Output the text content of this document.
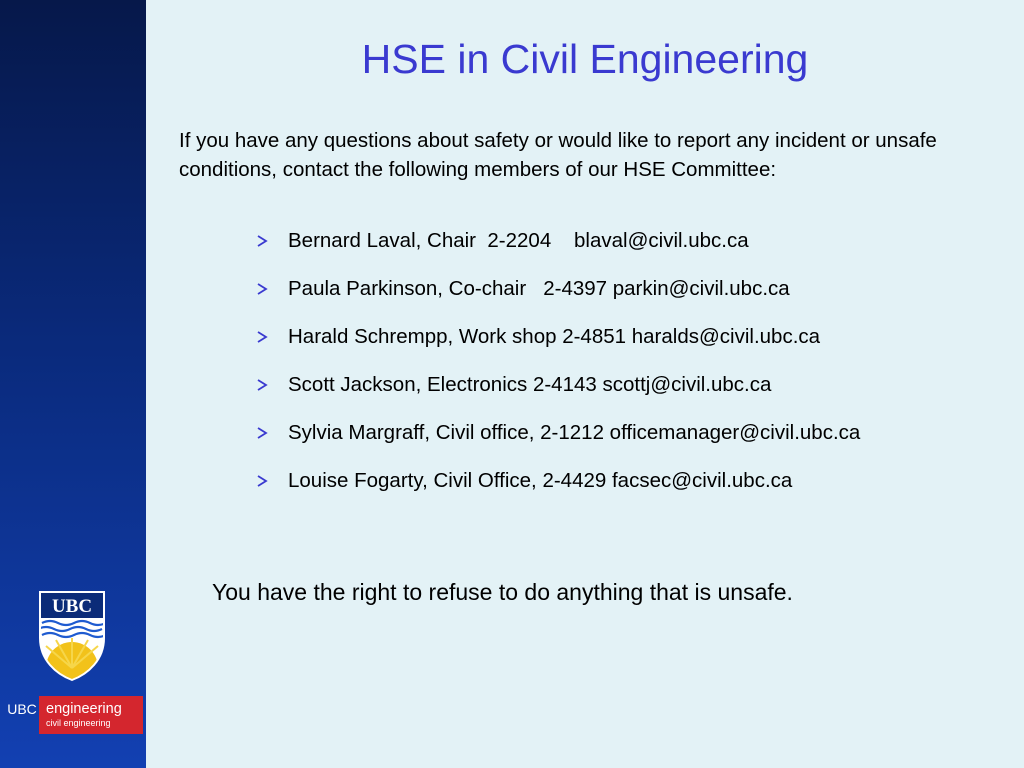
HSE in Civil Engineering
If you have any questions about safety or would like to report any incident or unsafe conditions, contact the following members of our HSE Committee:

Bernard Laval, Chair  2-2204    blaval@civil.ubc.ca

Paula Parkinson, Co-chair   2-4397 parkin@civil.ubc.ca

Harald Schrempp, Work shop 2-4851 haralds@civil.ubc.ca

Scott Jackson, Electronics 2-4143 scottj@civil.ubc.ca

Sylvia Margraff, Civil office, 2-1212 officemanager@civil.ubc.ca

Louise Fogarty, Civil Office, 2-4429 facsec@civil.ubc.ca

You have the right to refuse to do anything that is unsafe.
UBC
UBC engineering
civil engineering
